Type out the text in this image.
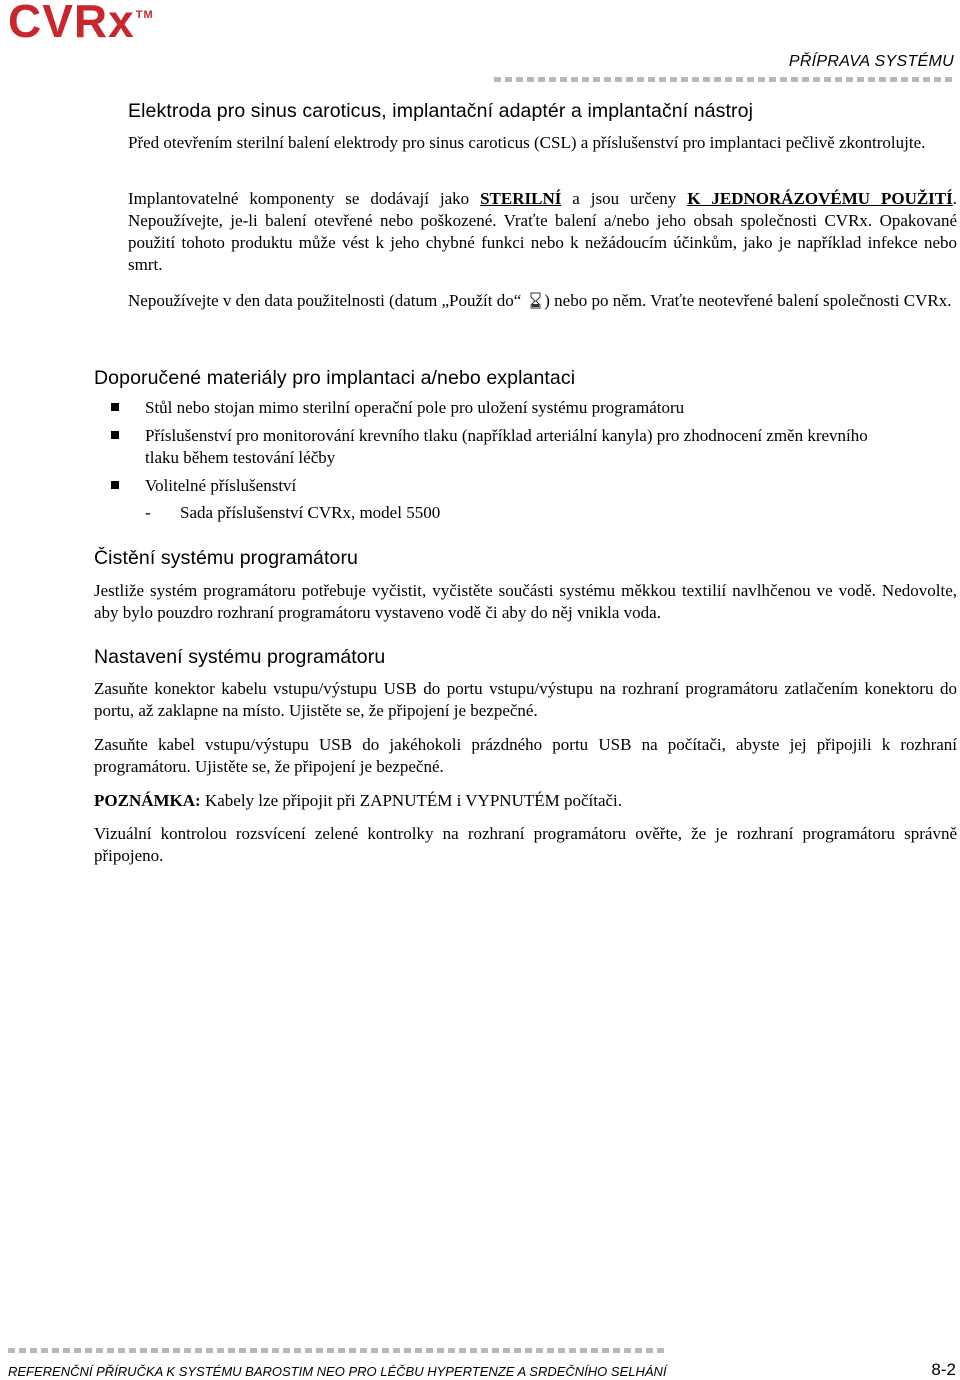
CVRx™
PŘÍPRAVA SYSTÉMU
Elektroda pro sinus caroticus, implantační adaptér a implantační nástroj

Před otevřením sterilní balení elektrody pro sinus caroticus (CSL) a příslušenství pro implantaci pečlivě zkontrolujte.

Implantovatelné komponenty se dodávají jako STERILNÍ a jsou určeny K JEDNORÁZOVÉMU POUŽITÍ. Nepoužívejte, je-li balení otevřené nebo poškozené. Vraťte balení a/nebo jeho obsah společnosti CVRx. Opakované použití tohoto produktu může vést k jeho chybné funkci nebo k nežádoucím účinkům, jako je například infekce nebo smrt.

Nepoužívejte v den data použitelnosti (datum „Použít do“ ) nebo po něm. Vraťte neotevřené balení společnosti CVRx.

Doporučené materiály pro implantaci a/nebo explantaci
Stůl nebo stojan mimo sterilní operační pole pro uložení systému programátoru
Příslušenství pro monitorování krevního tlaku (například arteriální kanyla) pro zhodnocení změn krevního tlaku během testování léčby
Volitelné příslušenství
- Sada příslušenství CVRx, model 5500
Čistění systému programátoru

Jestliže systém programátoru potřebuje vyčistit, vyčistěte součásti systému měkkou textilií navlhčenou ve vodě. Nedovolte, aby bylo pouzdro rozhraní programátoru vystaveno vodě či aby do něj vnikla voda.

Nastavení systému programátoru

Zasuňte konektor kabelu vstupu/výstupu USB do portu vstupu/výstupu na rozhraní programátoru zatlačením konektoru do portu, až zaklapne na místo. Ujistěte se, že připojení je bezpečné.

Zasuňte kabel vstupu/výstupu USB do jakéhokoli prázdného portu USB na počítači, abyste jej připojili k rozhraní programátoru. Ujistěte se, že připojení je bezpečné.

POZNÁMKA: Kabely lze připojit při ZAPNUTÉM i VYPNUTÉM počítači.

Vizuální kontrolou rozsvícení zelené kontrolky na rozhraní programátoru ověřte, že je rozhraní programátoru správně připojeno.

REFERENČNÍ PŘÍRUČKA K SYSTÉMU BAROSTIM NEO PRO LÉČBU HYPERTENZE A SRDEČNÍHO SELHÁNÍ	8-2
